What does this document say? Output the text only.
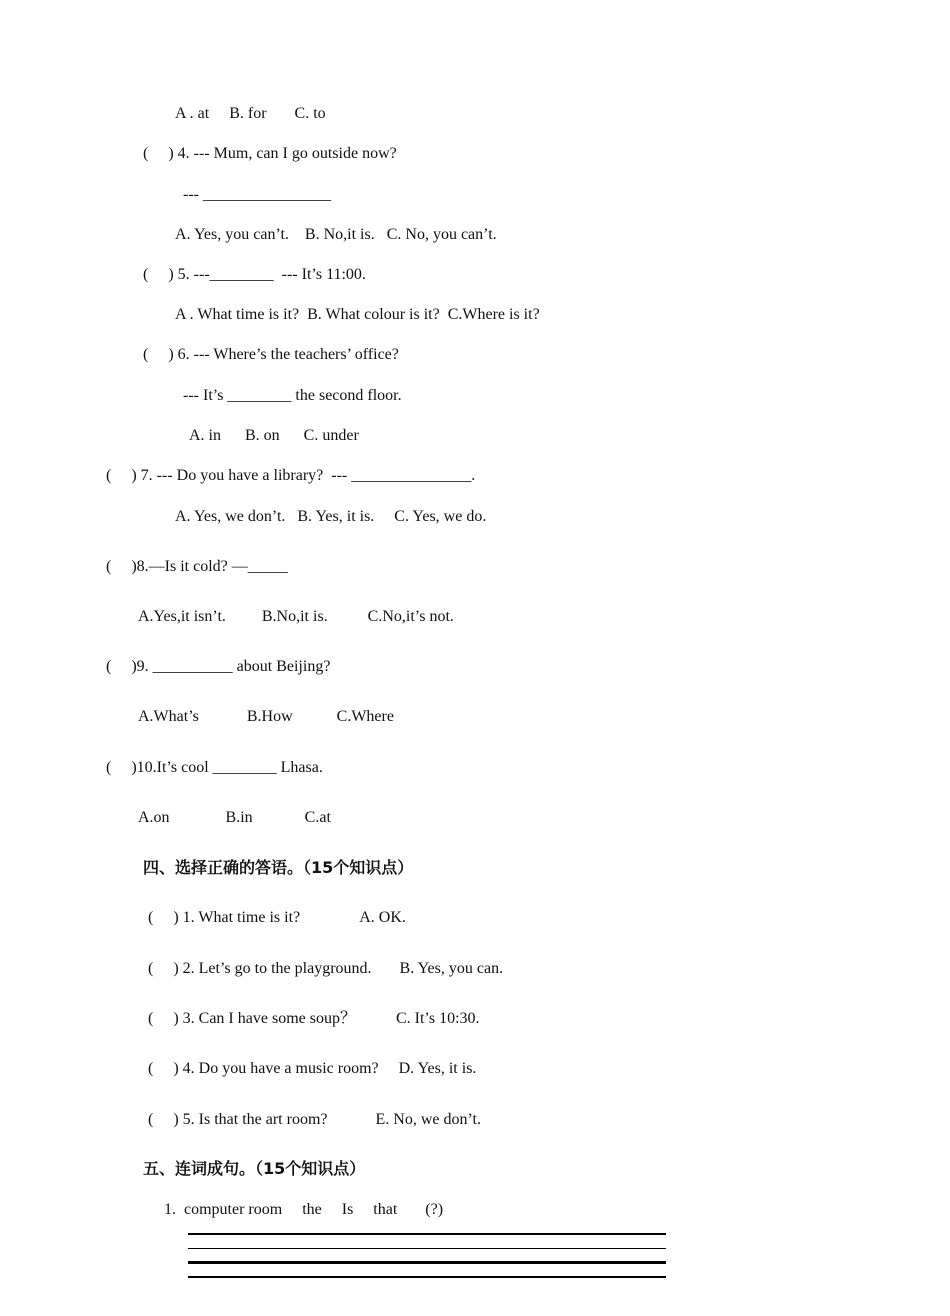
A . at     B. for       C. to
(     ) 4. --- Mum, can I go outside now?
--- ________________
A. Yes, you can’t.    B. No,it is.   C. No, you can’t.
(     ) 5. ---________  --- It’s 11:00.
A . What time is it?  B. What colour is it?  C.Where is it?
(     ) 6. --- Where’s the teachers’ office?
--- It’s ________ the second floor.
A. in      B. on      C. under
(     ) 7. --- Do you have a library?  --- _______________.
A. Yes, we don’t.   B. Yes, it is.     C. Yes, we do.
(     )8.—Is it cold? —_____
A.Yes,it isn’t.         B.No,it is.          C.No,it’s not.
(     )9. __________ about Beijing?
A.What’s            B.How           C.Where
(     )10.It’s cool ________ Lhasa.
A.on              B.in             C.at
四、选择正确的答语。（15个知识点）
(     ) 1. What time is it?               A. OK.
(     ) 2. Let’s go to the playground.       B. Yes, you can.
(     ) 3. Can I have some soup？          C. It’s 10:30.
(     ) 4. Do you have a music room?     D. Yes, it is.
(     ) 5. Is that the art room?            E. No, we don’t.
五、连词成句。（15个知识点）
1.  computer room     the     Is     that       (?)
